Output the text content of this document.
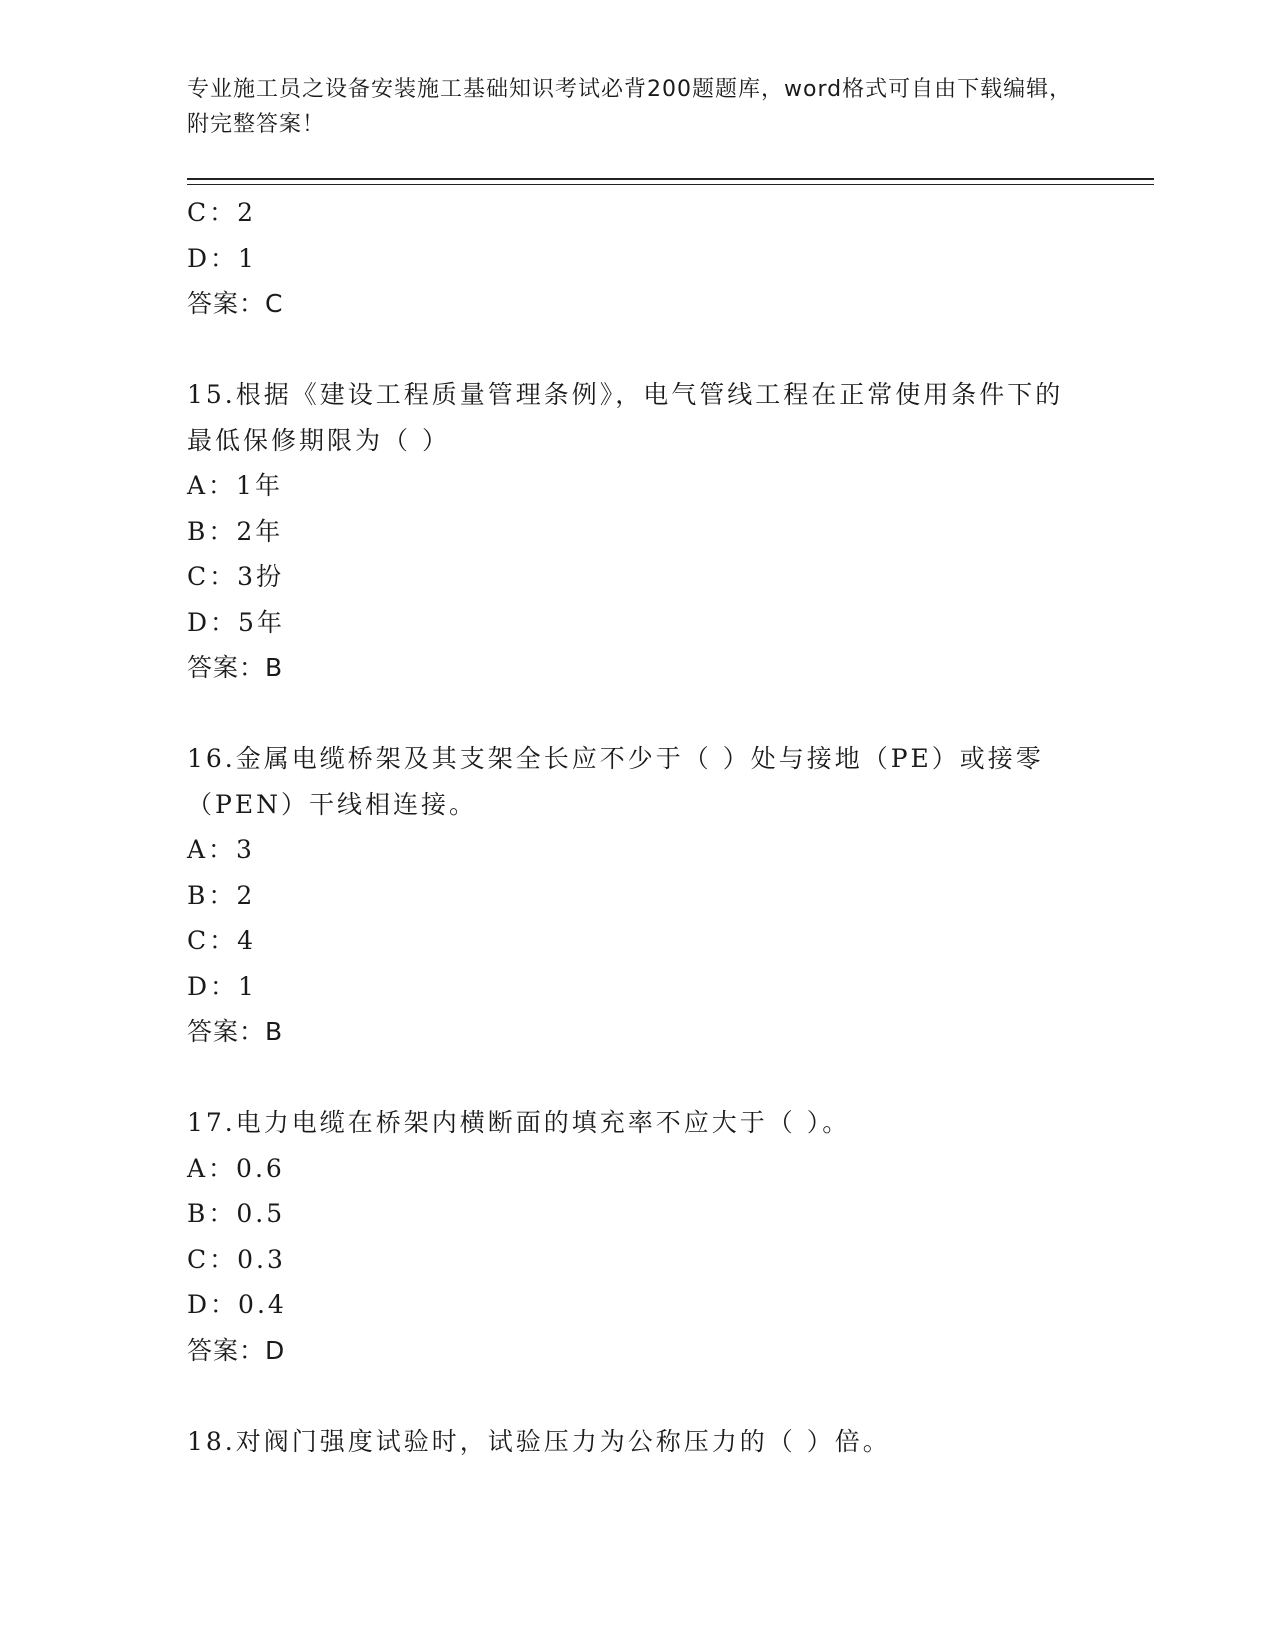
专业施工员之设备安装施工基础知识考试必背200题题库，word格式可自由下载编辑，附完整答案！
C：2
D：1
答案：C
15.根据《建设工程质量管理条例》，电气管线工程在正常使用条件下的最低保修期限为（ ）
A：1年
B：2年
C：3扮
D：5年
答案：B
16.金属电缆桥架及其支架全长应不少于（ ）处与接地（PE）或接零（PEN）干线相连接。
A：3
B：2
C：4
D：1
答案：B
17.电力电缆在桥架内横断面的填充率不应大于（ ）。
A：0.6
B：0.5
C：0.3
D：0.4
答案：D
18.对阀门强度试验时，试验压力为公称压力的（ ）倍。
